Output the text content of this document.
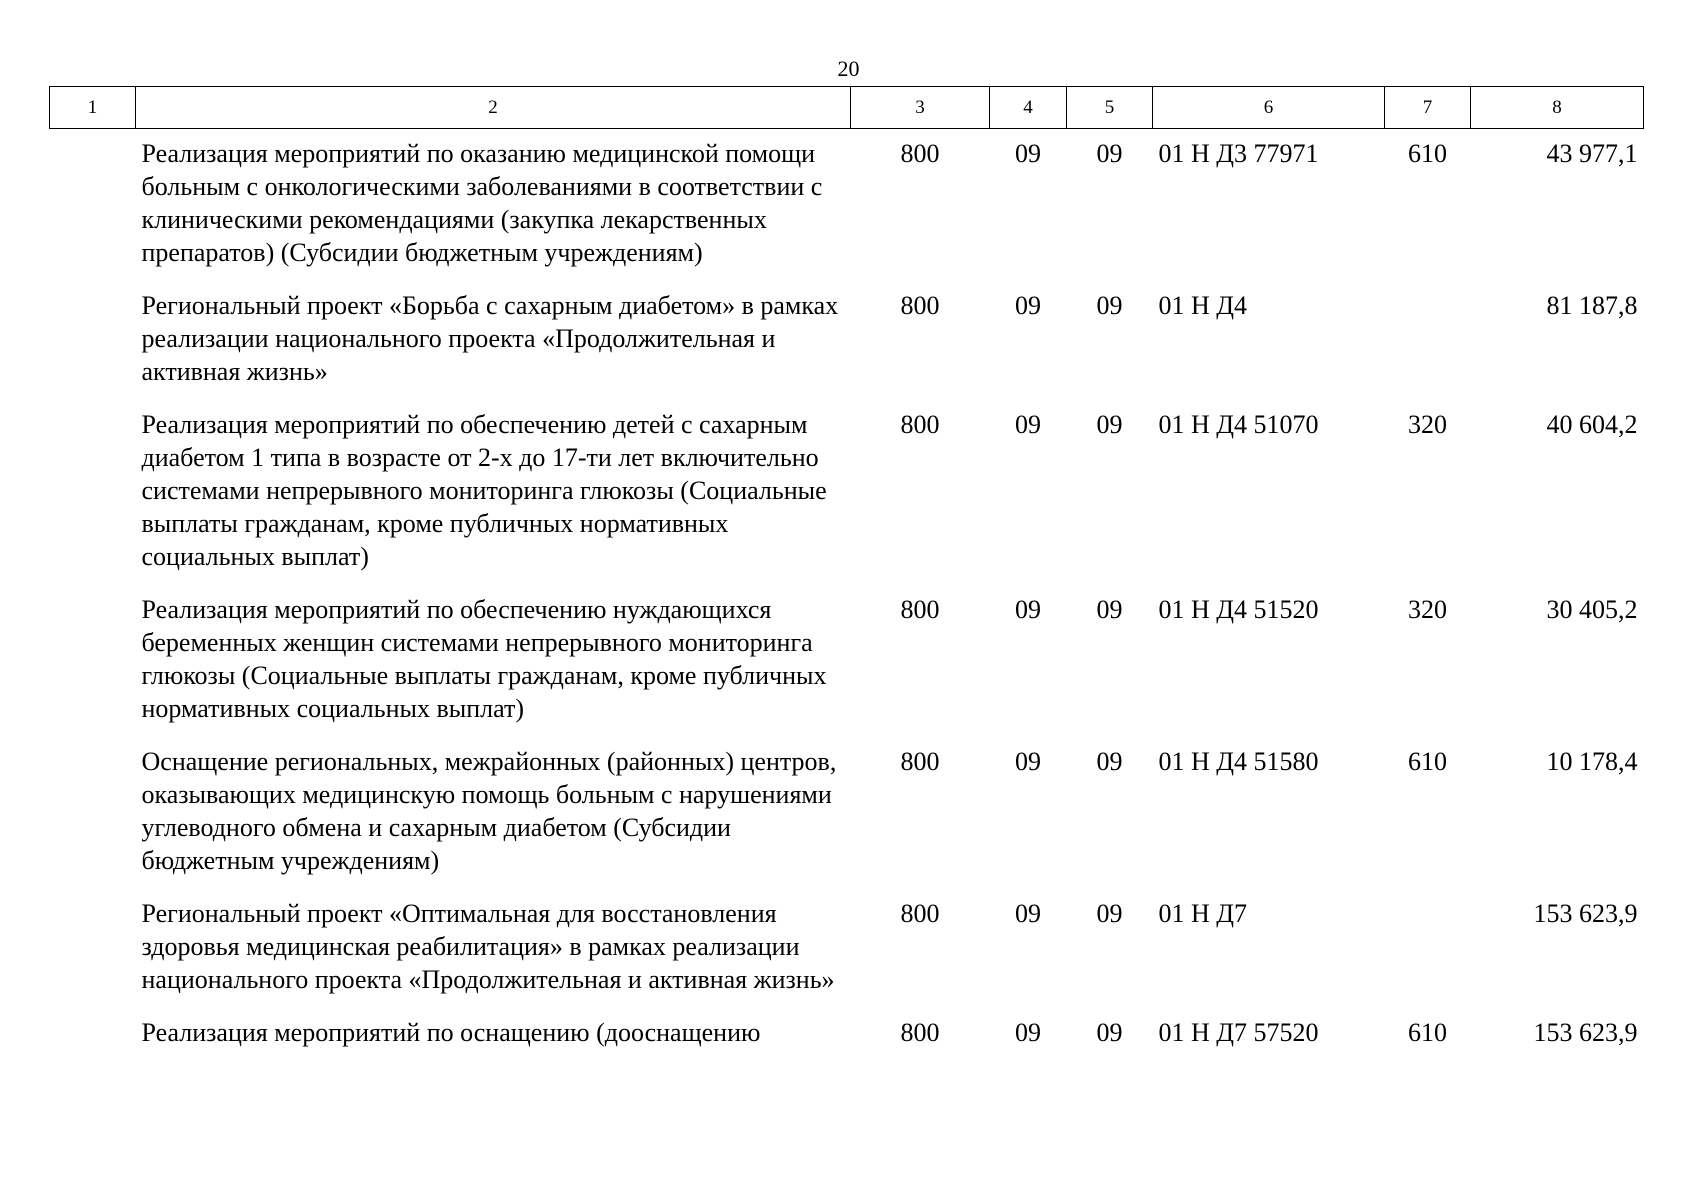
20
1	2	3	4	5	6	7	8
	Реализация мероприятий по оказанию медицинской помощи больным с онкологическими заболеваниями в соответствии с клиническими рекомендациями (закупка лекарственных препаратов) (Субсидии бюджетным учреждениям)	800	09	09	01 Н Д3 77971	610	43 977,1
	Региональный проект «Борьба с сахарным диабетом» в рамках реализации национального проекта «Продолжительная и активная жизнь»	800	09	09	01 Н Д4		81 187,8
	Реализация мероприятий по обеспечению детей с сахарным диабетом 1 типа в возрасте от 2-х до 17-ти лет включительно системами непрерывного мониторинга глюкозы (Социальные выплаты гражданам, кроме публичных нормативных социальных выплат)	800	09	09	01 Н Д4 51070	320	40 604,2
	Реализация мероприятий по обеспечению нуждающихся беременных женщин системами непрерывного мониторинга глюкозы (Социальные выплаты гражданам, кроме публичных нормативных социальных выплат)	800	09	09	01 Н Д4 51520	320	30 405,2
	Оснащение региональных, межрайонных (районных) центров, оказывающих медицинскую помощь больным с нарушениями углеводного обмена и сахарным диабетом (Субсидии бюджетным учреждениям)	800	09	09	01 Н Д4 51580	610	10 178,4
	Региональный проект «Оптимальная для восстановления здоровья медицинская реабилитация» в рамках реализации национального проекта «Продолжительная и активная жизнь»	800	09	09	01 Н Д7		153 623,9
	Реализация мероприятий по оснащению (дооснащению	800	09	09	01 Н Д7 57520	610	153 623,9
